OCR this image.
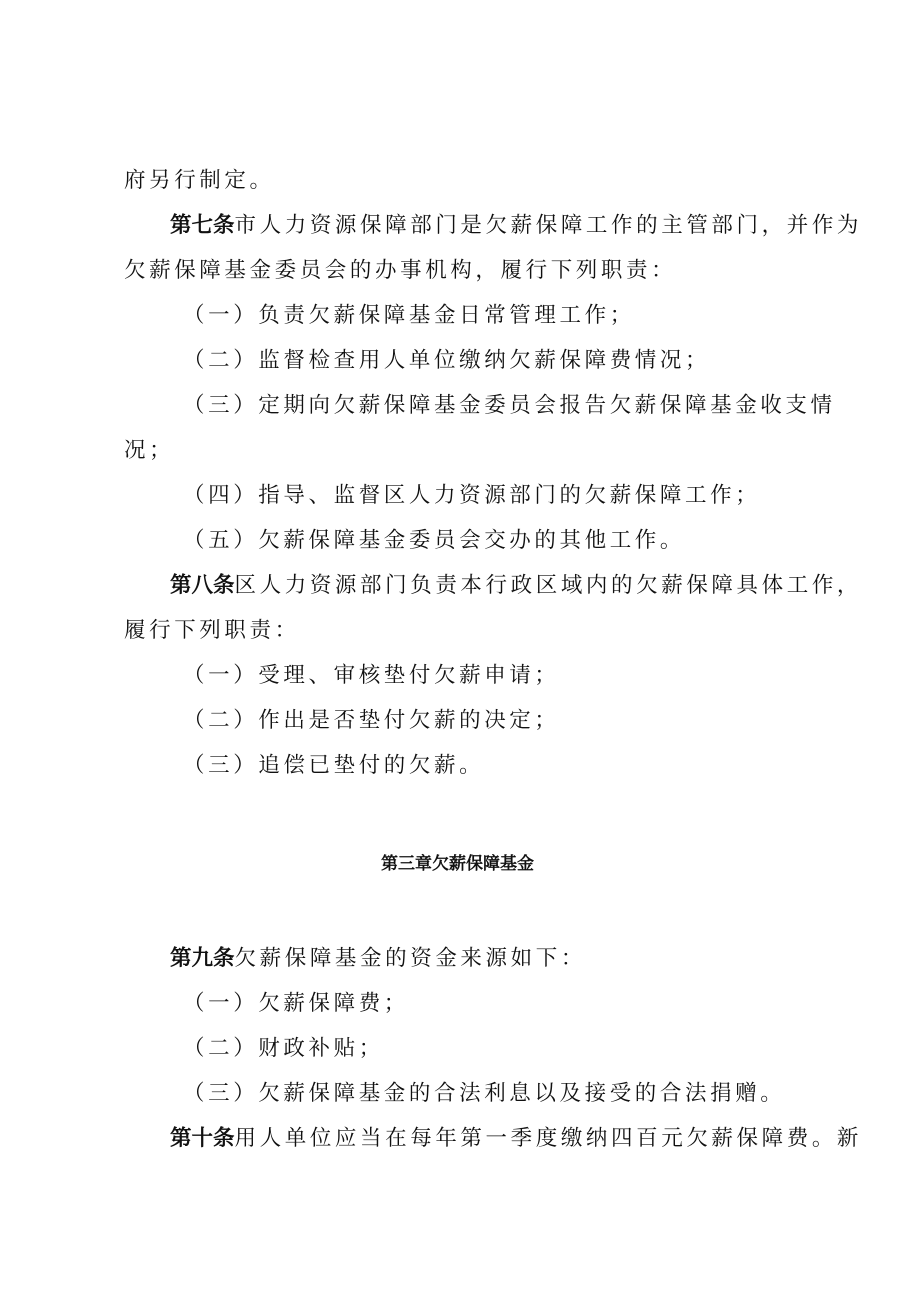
府另行制定。
第七条市人力资源保障部门是欠薪保障工作的主管部门，并作为
欠薪保障基金委员会的办事机构，履行下列职责：
（一）负责欠薪保障基金日常管理工作；
（二）监督检查用人单位缴纳欠薪保障费情况；
（三）定期向欠薪保障基金委员会报告欠薪保障基金收支情
况；
（四）指导、监督区人力资源部门的欠薪保障工作；
（五）欠薪保障基金委员会交办的其他工作。
第八条区人力资源部门负责本行政区域内的欠薪保障具体工作，
履行下列职责：
（一）受理、审核垫付欠薪申请；
（二）作出是否垫付欠薪的决定；
（三）追偿已垫付的欠薪。
第三章欠薪保障基金
第九条欠薪保障基金的资金来源如下：
（一）欠薪保障费；
（二）财政补贴；
（三）欠薪保障基金的合法利息以及接受的合法捐赠。
第十条用人单位应当在每年第一季度缴纳四百元欠薪保障费。新
